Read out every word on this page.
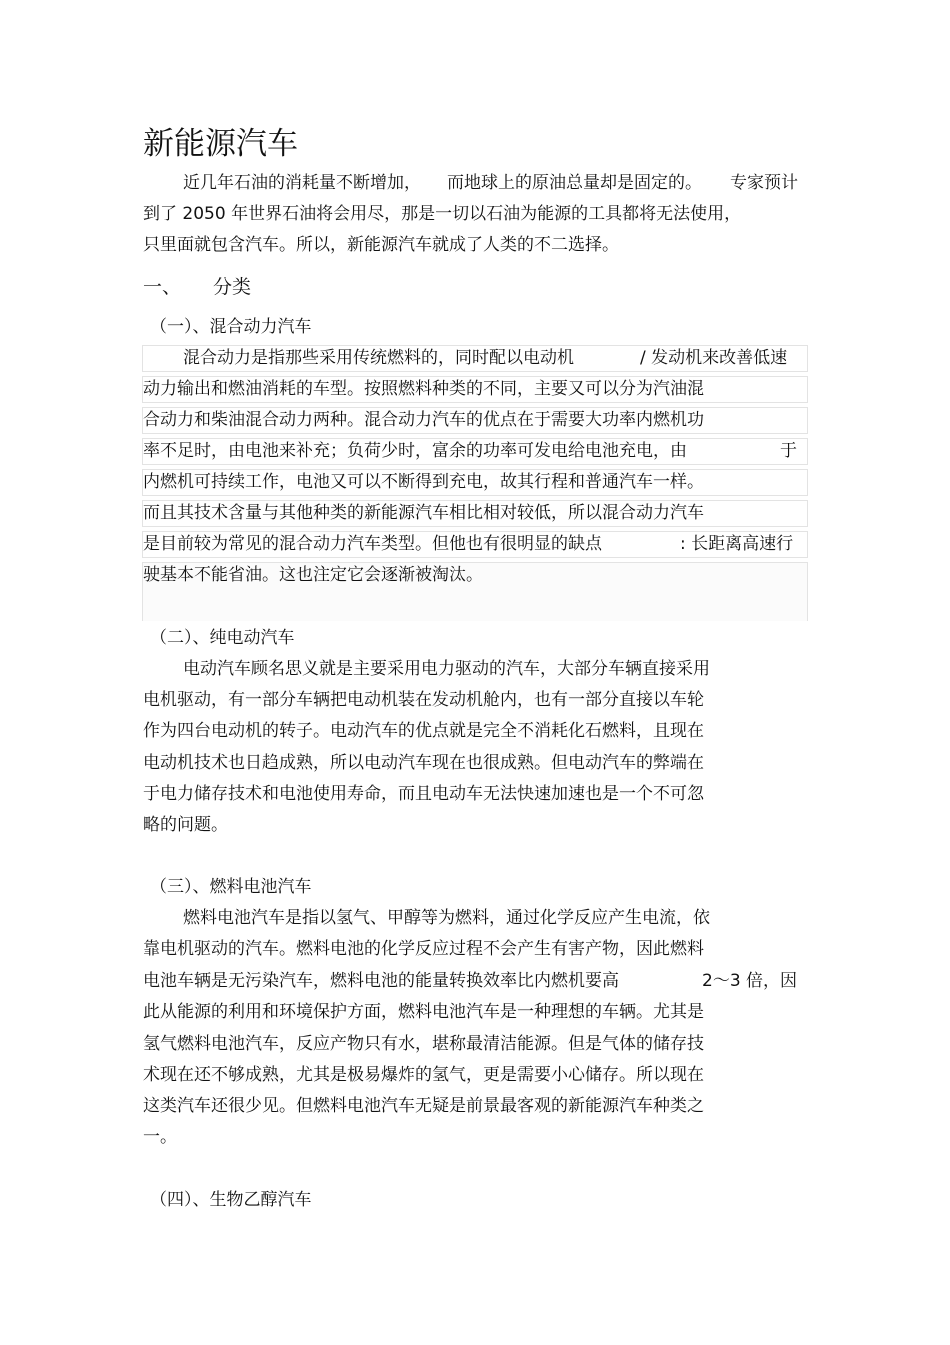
新能源汽车
近几年石油的消耗量不断增加， 而地球上的原油总量却是固定的。 专家预计
到了 2050 年世界石油将会用尽，那是一切以石油为能源的工具都将无法使用，
只里面就包含汽车。所以，新能源汽车就成了人类的不二选择。
一、 分类
（一）、混合动力汽车
混合动力是指那些采用传统燃料的，同时配以电动机	/ 发动机来改善低速
动力输出和燃油消耗的车型。按照燃料种类的不同，主要又可以分为汽油混
合动力和柴油混合动力两种。混合动力汽车的优点在于需要大功率内燃机功
率不足时，由电池来补充；负荷少时，富余的功率可发电给电池充电，由	于
内燃机可持续工作，电池又可以不断得到充电，故其行程和普通汽车一样。
而且其技术含量与其他种类的新能源汽车相比相对较低，所以混合动力汽车
是目前较为常见的混合动力汽车类型。但他也有很明显的缺点	: 长距离高速行
驶基本不能省油。这也注定它会逐渐被淘汰。
（二）、纯电动汽车
电动汽车顾名思义就是主要采用电力驱动的汽车，大部分车辆直接采用
电机驱动，有一部分车辆把电动机装在发动机舱内，也有一部分直接以车轮
作为四台电动机的转子。电动汽车的优点就是完全不消耗化石燃料，且现在
电动机技术也日趋成熟，所以电动汽车现在也很成熟。但电动汽车的弊端在
于电力储存技术和电池使用寿命，而且电动车无法快速加速也是一个不可忽
略的问题。
（三）、燃料电池汽车
燃料电池汽车是指以氢气、甲醇等为燃料，通过化学反应产生电流，依
靠电机驱动的汽车。燃料电池的化学反应过程不会产生有害产物，因此燃料
电池车辆是无污染汽车，燃料电池的能量转换效率比内燃机要高	2～3 倍，因
此从能源的利用和环境保护方面，燃料电池汽车是一种理想的车辆。尤其是
氢气燃料电池汽车，反应产物只有水，堪称最清洁能源。但是气体的储存技
术现在还不够成熟，尤其是极易爆炸的氢气，更是需要小心储存。所以现在
这类汽车还很少见。但燃料电池汽车无疑是前景最客观的新能源汽车种类之
一。
（四）、生物乙醇汽车
